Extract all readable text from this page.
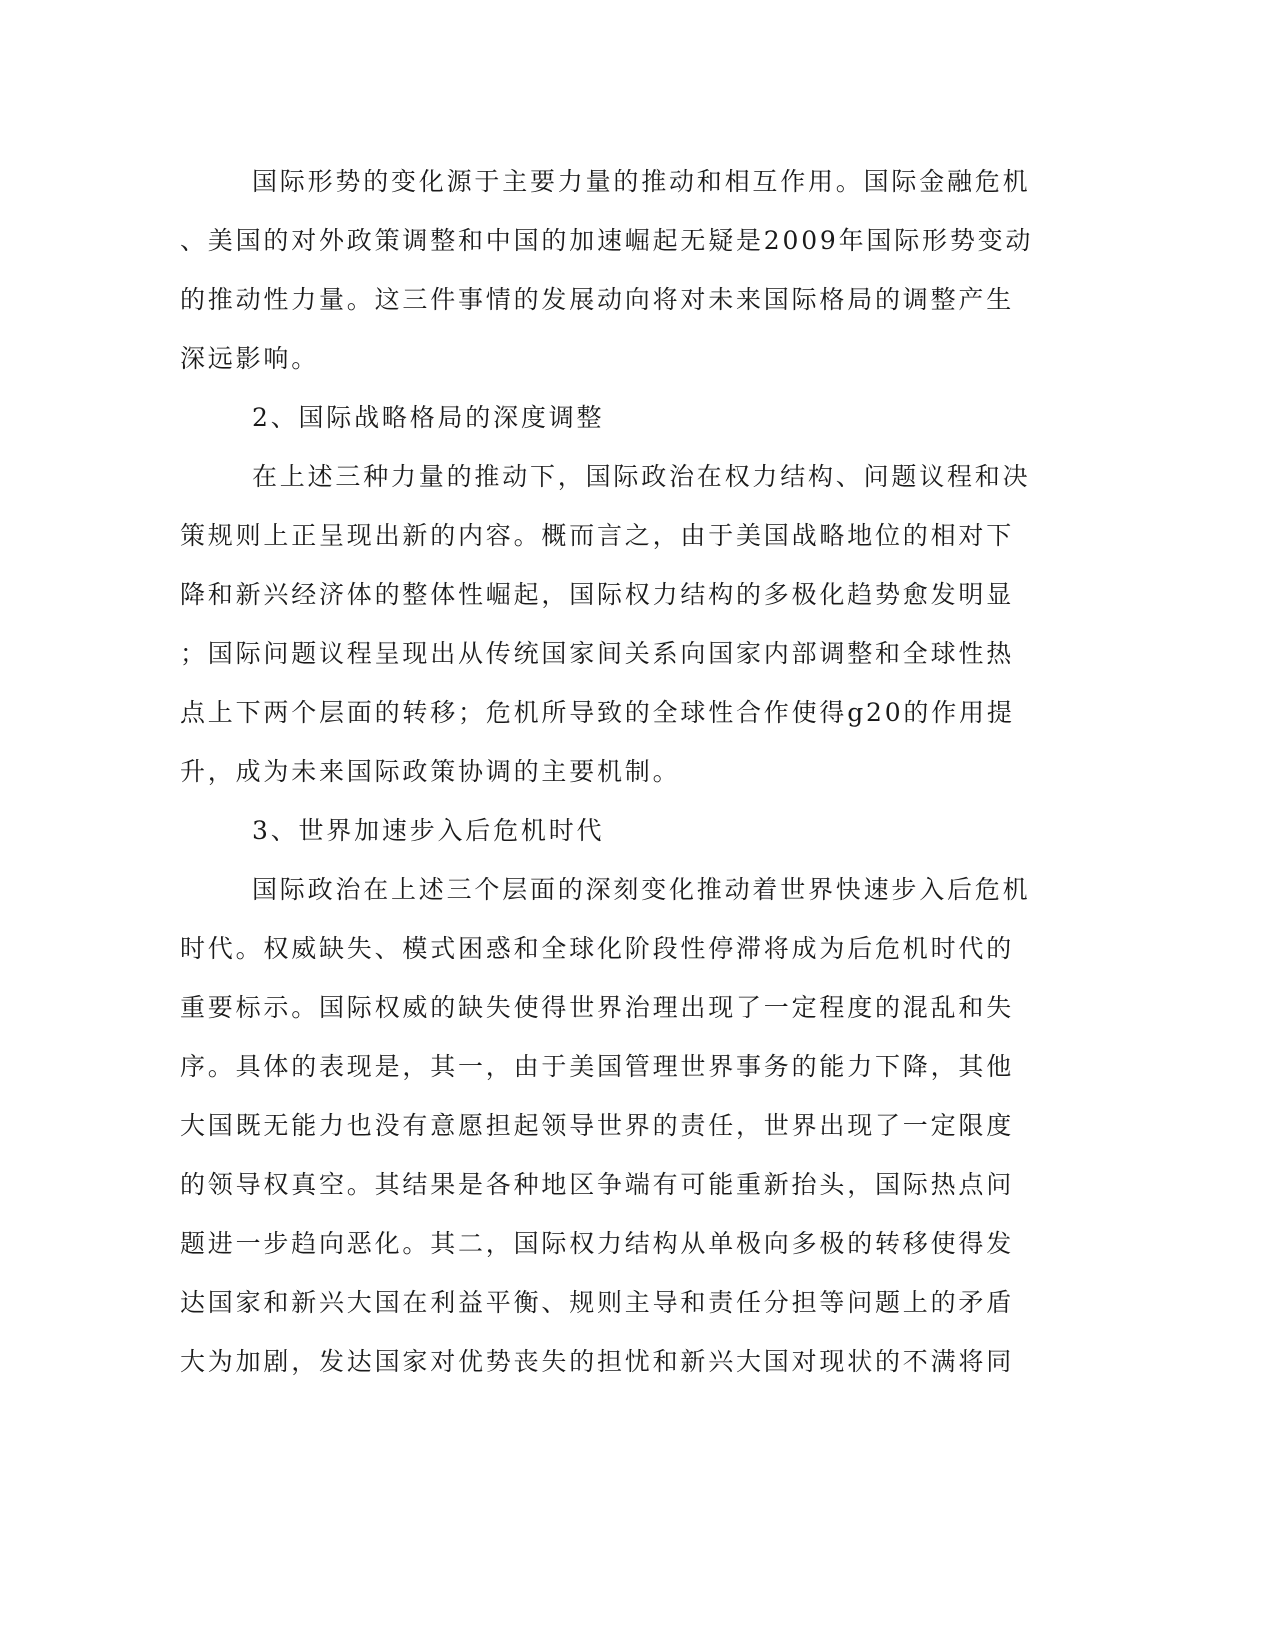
国际形势的变化源于主要力量的推动和相互作用。国际金融危机
、美国的对外政策调整和中国的加速崛起无疑是2009年国际形势变动
的推动性力量。这三件事情的发展动向将对未来国际格局的调整产生
深远影响。
2、国际战略格局的深度调整
在上述三种力量的推动下，国际政治在权力结构、问题议程和决
策规则上正呈现出新的内容。概而言之，由于美国战略地位的相对下
降和新兴经济体的整体性崛起，国际权力结构的多极化趋势愈发明显
；国际问题议程呈现出从传统国家间关系向国家内部调整和全球性热
点上下两个层面的转移；危机所导致的全球性合作使得g20的作用提
升，成为未来国际政策协调的主要机制。
3、世界加速步入后危机时代
国际政治在上述三个层面的深刻变化推动着世界快速步入后危机
时代。权威缺失、模式困惑和全球化阶段性停滞将成为后危机时代的
重要标示。国际权威的缺失使得世界治理出现了一定程度的混乱和失
序。具体的表现是，其一，由于美国管理世界事务的能力下降，其他
大国既无能力也没有意愿担起领导世界的责任，世界出现了一定限度
的领导权真空。其结果是各种地区争端有可能重新抬头，国际热点问
题进一步趋向恶化。其二，国际权力结构从单极向多极的转移使得发
达国家和新兴大国在利益平衡、规则主导和责任分担等问题上的矛盾
大为加剧，发达国家对优势丧失的担忧和新兴大国对现状的不满将同
